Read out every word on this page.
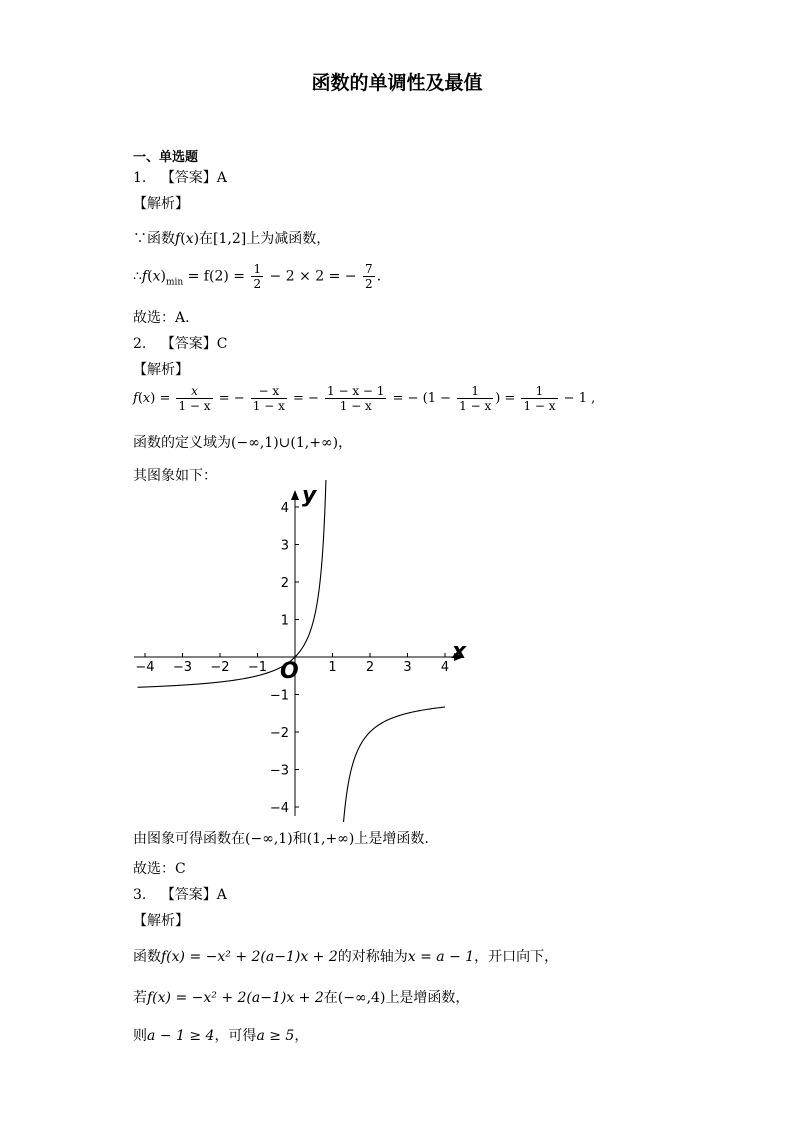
函数的单调性及最值
一、单选题
1. 【答案】A
【解析】
∵函数f(x)在[1,2]上为减函数，
$\therefore f(x)_{min} = f(2) = \frac{1}{2} - 2 \times 2$ = − $\frac{7}{2}$ .
故选：A.
2. 【答案】C
【解析】
$f(x) = \frac{x}{1 - x}$ = − $\frac{- x}{1 - x}$ = − $\frac{1 - x - 1}{1 - x}$ = − ($1 - \frac{1}{1 - x}$ ) = $\frac{1}{1 - x} - 1$ ,
函数的定义域为(−∞,1)∪(1,+∞)，
其图象如下：
−4 −3 −2 −1	1 2 3 4
4
3
2
1
−1
−2
−3
−4
x
y
O
由图象可得函数在(−∞,1)和(1,+∞)上是增函数.
故选：C
3. 【答案】A
【解析】
函数f(x) = −x² + 2(a−1)x + 2的对称轴为x = a − 1，开口向下，
若f(x) = −x² + 2(a−1)x + 2在(−∞,4)上是增函数，
则a − 1 ≥ 4，可得a ≥ 5，
